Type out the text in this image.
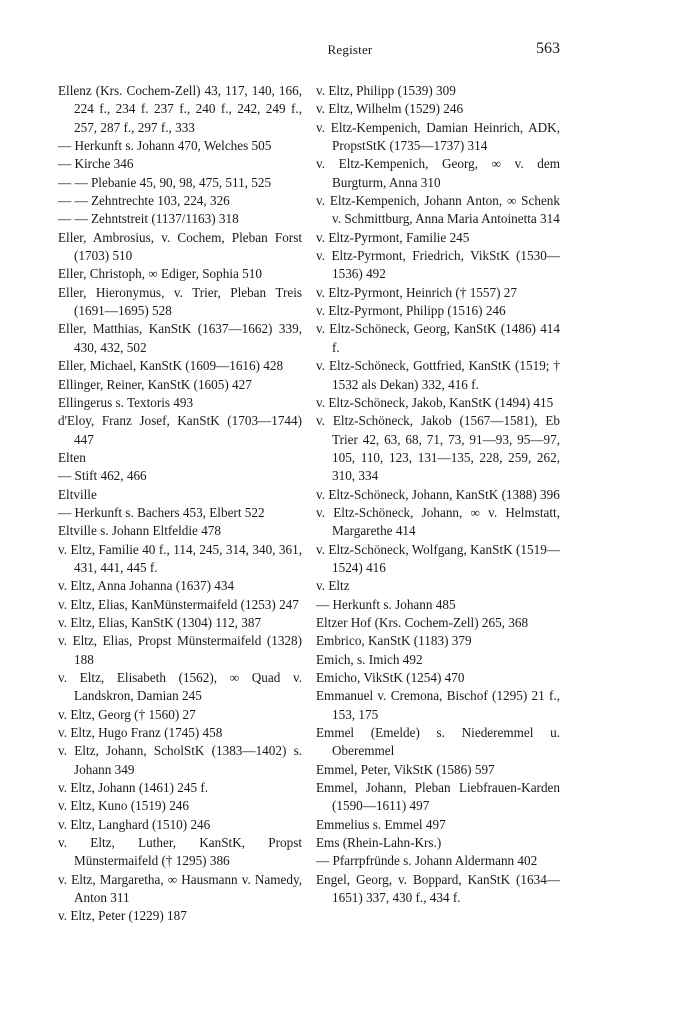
Register	563
Ellenz (Krs. Cochem-Zell) 43, 117, 140, 166, 224 f., 234 f. 237 f., 240 f., 242, 249 f., 257, 287 f., 297 f., 333
— Herkunft s. Johann 470, Welches 505
— Kirche 346
— — Plebanie 45, 90, 98, 475, 511, 525
— — Zehntrechte 103, 224, 326
— — Zehntstreit (1137/1163) 318
Eller, Ambrosius, v. Cochem, Pleban Forst (1703) 510
Eller, Christoph, ∞ Ediger, Sophia 510
Eller, Hieronymus, v. Trier, Pleban Treis (1691—1695) 528
Eller, Matthias, KanStK (1637—1662) 339, 430, 432, 502
Eller, Michael, KanStK (1609—1616) 428
Ellinger, Reiner, KanStK (1605) 427
Ellingerus s. Textoris 493
d'Eloy, Franz Josef, KanStK (1703—1744) 447
Elten
— Stift 462, 466
Eltville
— Herkunft s. Bachers 453, Elbert 522
Eltville s. Johann Eltfeldie 478
v. Eltz, Familie 40 f., 114, 245, 314, 340, 361, 431, 441, 445 f.
v. Eltz, Anna Johanna (1637) 434
v. Eltz, Elias, KanMünstermaifeld (1253) 247
v. Eltz, Elias, KanStK (1304) 112, 387
v. Eltz, Elias, Propst Münstermaifeld (1328) 188
v. Eltz, Elisabeth (1562), ∞ Quad v. Landskron, Damian 245
v. Eltz, Georg († 1560) 27
v. Eltz, Hugo Franz (1745) 458
v. Eltz, Johann, ScholStK (1383—1402) s. Johann 349
v. Eltz, Johann (1461) 245 f.
v. Eltz, Kuno (1519) 246
v. Eltz, Langhard (1510) 246
v. Eltz, Luther, KanStK, Propst Münstermaifeld († 1295) 386
v. Eltz, Margaretha, ∞ Hausmann v. Namedy, Anton 311
v. Eltz, Peter (1229) 187
v. Eltz, Philipp (1539) 309
v. Eltz, Wilhelm (1529) 246
v. Eltz-Kempenich, Damian Heinrich, ADK, PropstStK (1735—1737) 314
v. Eltz-Kempenich, Georg, ∞ v. dem Burgturm, Anna 310
v. Eltz-Kempenich, Johann Anton, ∞ Schenk v. Schmittburg, Anna Maria Antoinetta 314
v. Eltz-Pyrmont, Familie 245
v. Eltz-Pyrmont, Friedrich, VikStK (1530—1536) 492
v. Eltz-Pyrmont, Heinrich († 1557) 27
v. Eltz-Pyrmont, Philipp (1516) 246
v. Eltz-Schöneck, Georg, KanStK (1486) 414 f.
v. Eltz-Schöneck, Gottfried, KanStK (1519; † 1532 als Dekan) 332, 416 f.
v. Eltz-Schöneck, Jakob, KanStK (1494) 415
v. Eltz-Schöneck, Jakob (1567—1581), Eb Trier 42, 63, 68, 71, 73, 91—93, 95—97, 105, 110, 123, 131—135, 228, 259, 262, 310, 334
v. Eltz-Schöneck, Johann, KanStK (1388) 396
v. Eltz-Schöneck, Johann, ∞ v. Helmstatt, Margarethe 414
v. Eltz-Schöneck, Wolfgang, KanStK (1519—1524) 416
v. Eltz
— Herkunft s. Johann 485
Eltzer Hof (Krs. Cochem-Zell) 265, 368
Embrico, KanStK (1183) 379
Emich, s. Imich 492
Emicho, VikStK (1254) 470
Emmanuel v. Cremona, Bischof (1295) 21 f., 153, 175
Emmel (Emelde) s. Niederemmel u. Oberemmel
Emmel, Peter, VikStK (1586) 597
Emmel, Johann, Pleban Liebfrauen-Karden (1590—1611) 497
Emmelius s. Emmel 497
Ems (Rhein-Lahn-Krs.)
— Pfarrpfründe s. Johann Aldermann 402
Engel, Georg, v. Boppard, KanStK (1634—1651) 337, 430 f., 434 f.
